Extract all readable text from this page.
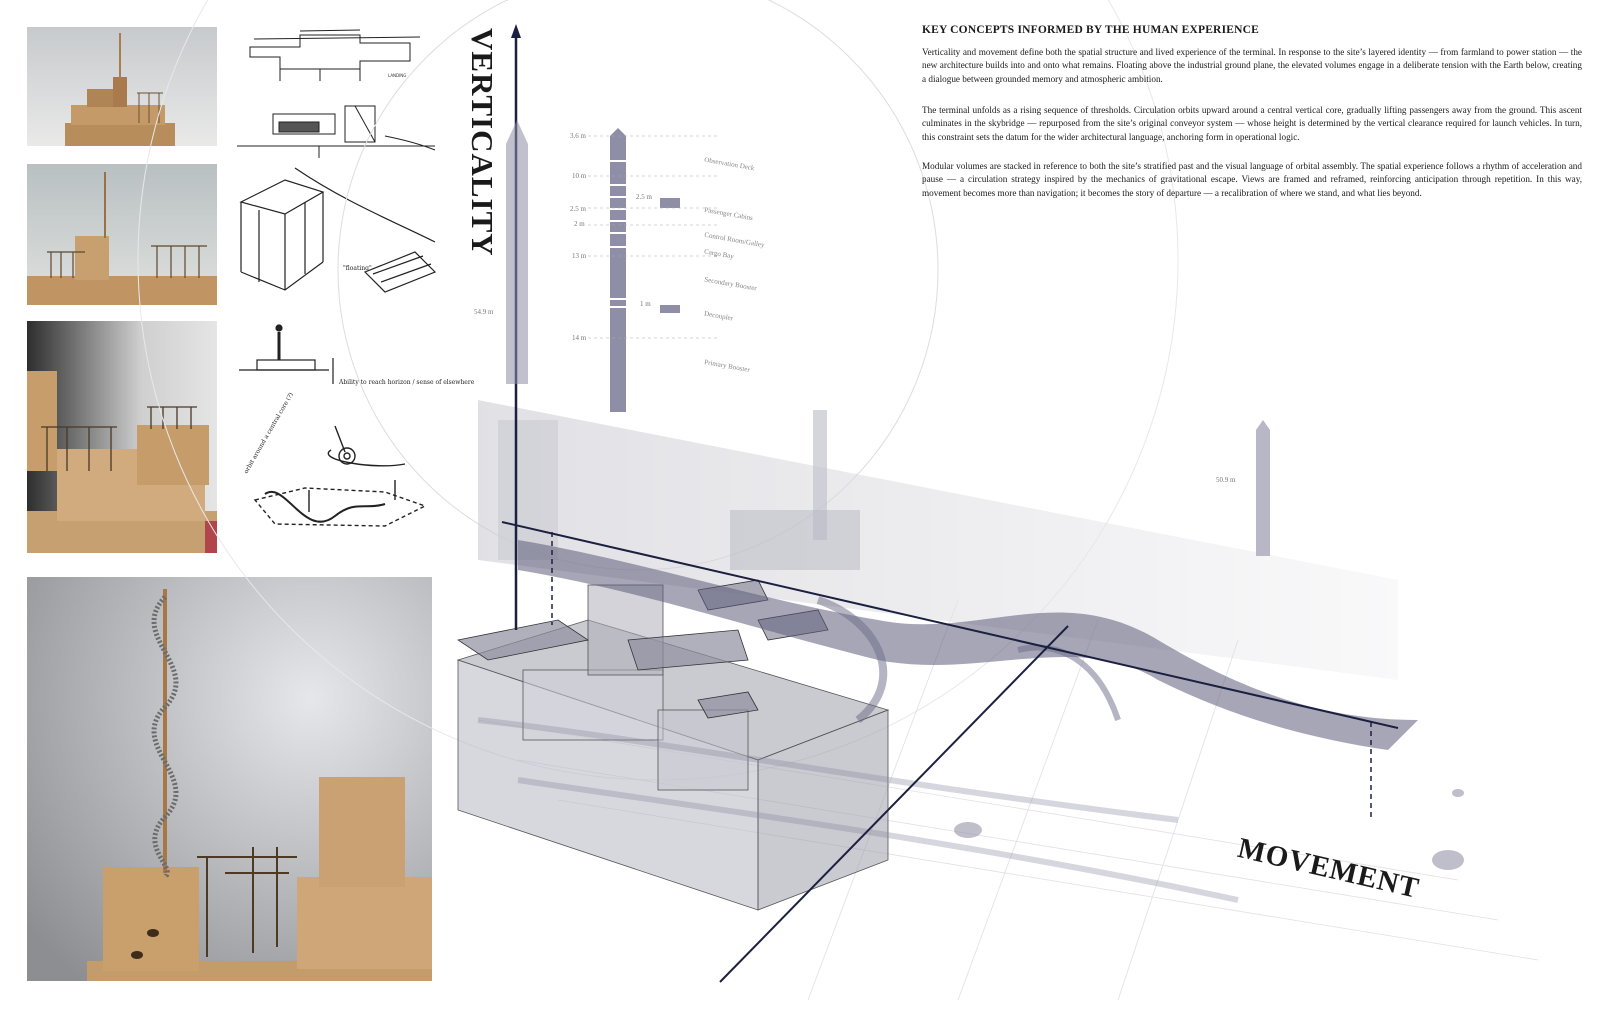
LANDING
"floating"
Ability to reach horizon / sense of elsewhere
orbit around a central core (?)
3.6 m
10 m
2.5 m
2 m
13 m
54.9 m
14 m
2.5 m
1 m
50.9 m
Observation Deck
Passenger Cabins
Control Room/Galley
Cargo Bay
Secondary Booster
Decoupler
Primary Booster
VERTICALITY
MOVEMENT
KEY CONCEPTS INFORMED BY THE HUMAN EXPERIENCE
Verticality and movement define both the spatial structure and lived experience of the terminal. In response to the site’s layered identity — from farmland to power station — the new architecture builds into and onto what remains. Floating above the industrial ground plane, the elevated volumes engage in a deliberate tension with the Earth below, creating a dialogue between grounded memory and atmospheric ambition.
The terminal unfolds as a rising sequence of thresholds. Circulation orbits upward around a central vertical core, gradually lifting passengers away from the ground. This ascent culminates in the skybridge — repurposed from the site’s original conveyor system — whose height is determined by the vertical clearance required for launch vehicles. In turn, this constraint sets the datum for the wider architectural language, anchoring form in operational logic.
Modular volumes are stacked in reference to both the site’s stratified past and the visual language of orbital assembly. The spatial experience follows a rhythm of acceleration and pause — a circulation strategy inspired by the mechanics of gravitational escape. Views are framed and reframed, reinforcing anticipation through repetition. In this way, movement becomes more than navigation; it becomes the story of departure — a recalibration of where we stand, and what lies beyond.
